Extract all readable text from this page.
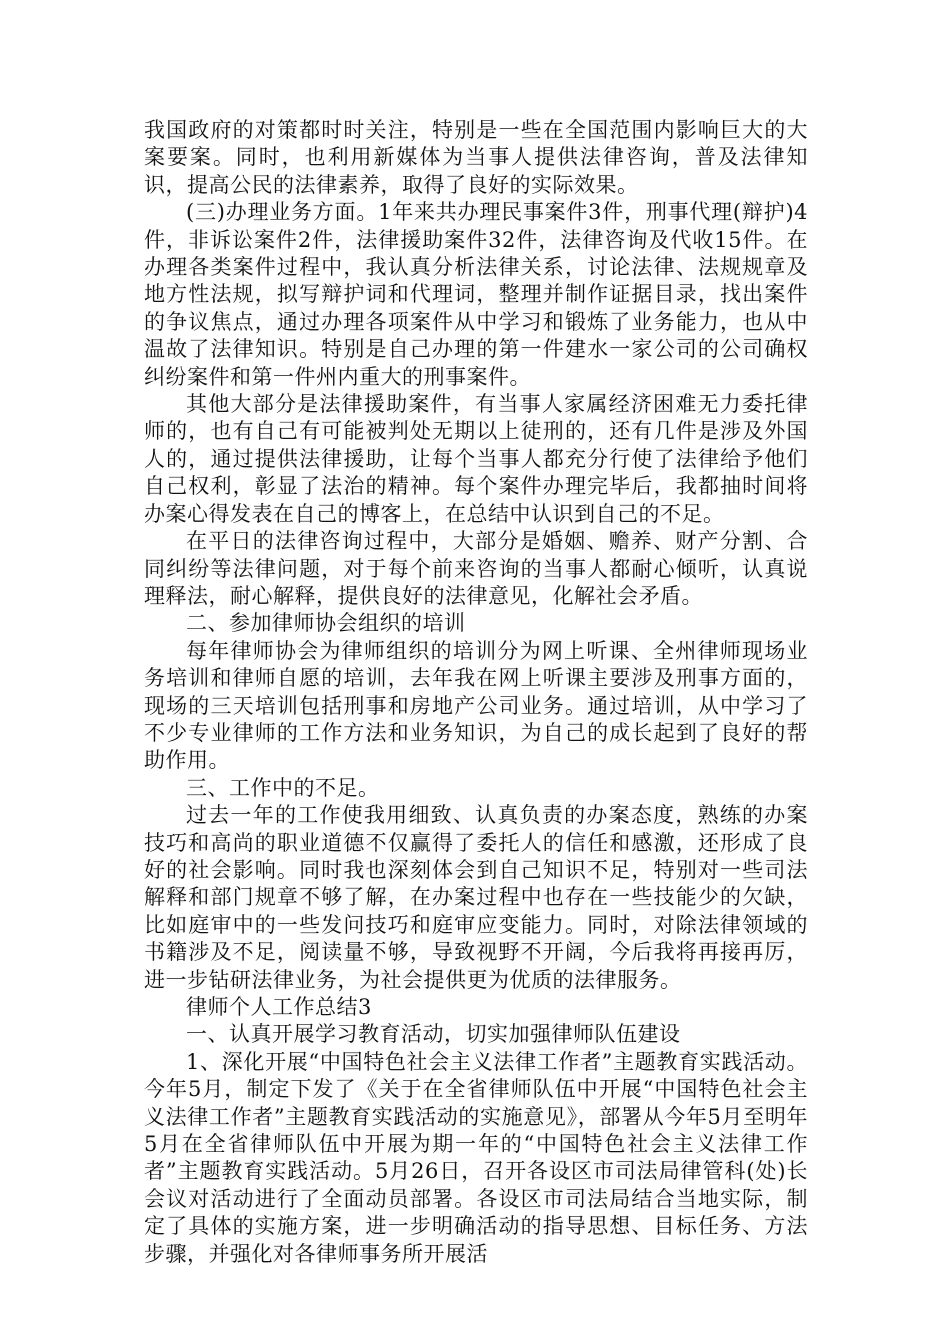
我国政府的对策都时时关注，特别是一些在全国范围内影响巨大的大案要案。同时，也利用新媒体为当事人提供法律咨询，普及法律知识，提高公民的法律素养，取得了良好的实际效果。

(三)办理业务方面。1年来共办理民事案件3件，刑事代理(辩护)4件，非诉讼案件2件，法律援助案件32件，法律咨询及代收15件。在办理各类案件过程中，我认真分析法律关系，讨论法律、法规规章及地方性法规，拟写辩护词和代理词，整理并制作证据目录，找出案件的争议焦点，通过办理各项案件从中学习和锻炼了业务能力，也从中温故了法律知识。特别是自己办理的第一件建水一家公司的公司确权纠纷案件和第一件州内重大的刑事案件。

其他大部分是法律援助案件，有当事人家属经济困难无力委托律师的，也有自己有可能被判处无期以上徒刑的，还有几件是涉及外国人的，通过提供法律援助，让每个当事人都充分行使了法律给予他们自己权利，彰显了法治的精神。每个案件办理完毕后，我都抽时间将办案心得发表在自己的博客上，在总结中认识到自己的不足。

在平日的法律咨询过程中，大部分是婚姻、赡养、财产分割、合同纠纷等法律问题，对于每个前来咨询的当事人都耐心倾听，认真说理释法，耐心解释，提供良好的法律意见，化解社会矛盾。

二、参加律师协会组织的培训

每年律师协会为律师组织的培训分为网上听课、全州律师现场业务培训和律师自愿的培训，去年我在网上听课主要涉及刑事方面的，现场的三天培训包括刑事和房地产公司业务。通过培训，从中学习了不少专业律师的工作方法和业务知识，为自己的成长起到了良好的帮助作用。

三、工作中的不足。

过去一年的工作使我用细致、认真负责的办案态度，熟练的办案技巧和高尚的职业道德不仅赢得了委托人的信任和感激，还形成了良好的社会影响。同时我也深刻体会到自己知识不足，特别对一些司法解释和部门规章不够了解，在办案过程中也存在一些技能少的欠缺，比如庭审中的一些发问技巧和庭审应变能力。同时，对除法律领域的书籍涉及不足，阅读量不够，导致视野不开阔，今后我将再接再厉，进一步钻研法律业务，为社会提供更为优质的法律服务。

律师个人工作总结3

一、认真开展学习教育活动，切实加强律师队伍建设

1、深化开展“中国特色社会主义法律工作者”主题教育实践活动。今年5月，制定下发了《关于在全省律师队伍中开展“中国特色社会主义法律工作者”主题教育实践活动的实施意见》，部署从今年5月至明年5月在全省律师队伍中开展为期一年的“中国特色社会主义法律工作者”主题教育实践活动。5月26日，召开各设区市司法局律管科(处)长会议对活动进行了全面动员部署。各设区市司法局结合当地实际，制定了具体的实施方案，进一步明确活动的指导思想、目标任务、方法步骤，并强化对各律师事务所开展活
